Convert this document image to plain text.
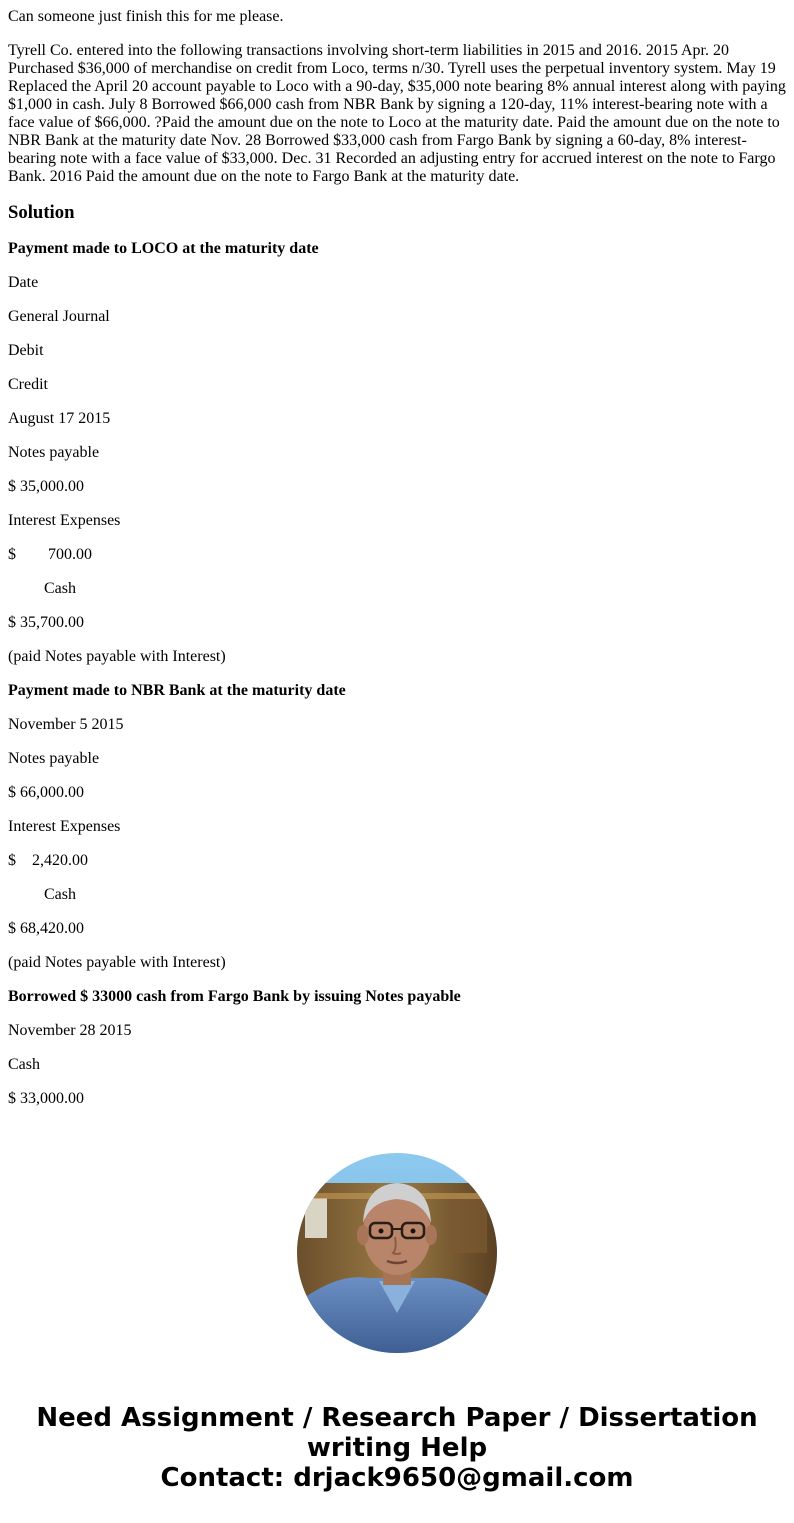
Can someone just finish this for me please.

Tyrell Co. entered into the following transactions involving short-term liabilities in 2015 and 2016. 2015 Apr. 20 Purchased $36,000 of merchandise on credit from Loco, terms n/30. Tyrell uses the perpetual inventory system. May 19 Replaced the April 20 account payable to Loco with a 90-day, $35,000 note bearing 8% annual interest along with paying $1,000 in cash. July 8 Borrowed $66,000 cash from NBR Bank by signing a 120-day, 11% interest-bearing note with a face value of $66,000. ?Paid the amount due on the note to Loco at the maturity date. Paid the amount due on the note to NBR Bank at the maturity date Nov. 28 Borrowed $33,000 cash from Fargo Bank by signing a 60-day, 8% interest-bearing note with a face value of $33,000. Dec. 31 Recorded an adjusting entry for accrued interest on the note to Fargo Bank. 2016 Paid the amount due on the note to Fargo Bank at the maturity date.

Solution

Payment made to LOCO at the maturity date

Date

General Journal

Debit

Credit

August 17 2015

Notes payable

$ 35,000.00

Interest Expenses

$        700.00

Cash

$ 35,700.00

(paid Notes payable with Interest)

Payment made to NBR Bank at the maturity date

November 5 2015

Notes payable

$ 66,000.00

Interest Expenses

$    2,420.00

Cash

$ 68,420.00

(paid Notes payable with Interest)

Borrowed $ 33000 cash from Fargo Bank by issuing Notes payable

November 28 2015

Cash

$ 33,000.00

Need Assignment / Research Paper / Dissertation
writing Help
Contact: drjack9650@gmail.com
